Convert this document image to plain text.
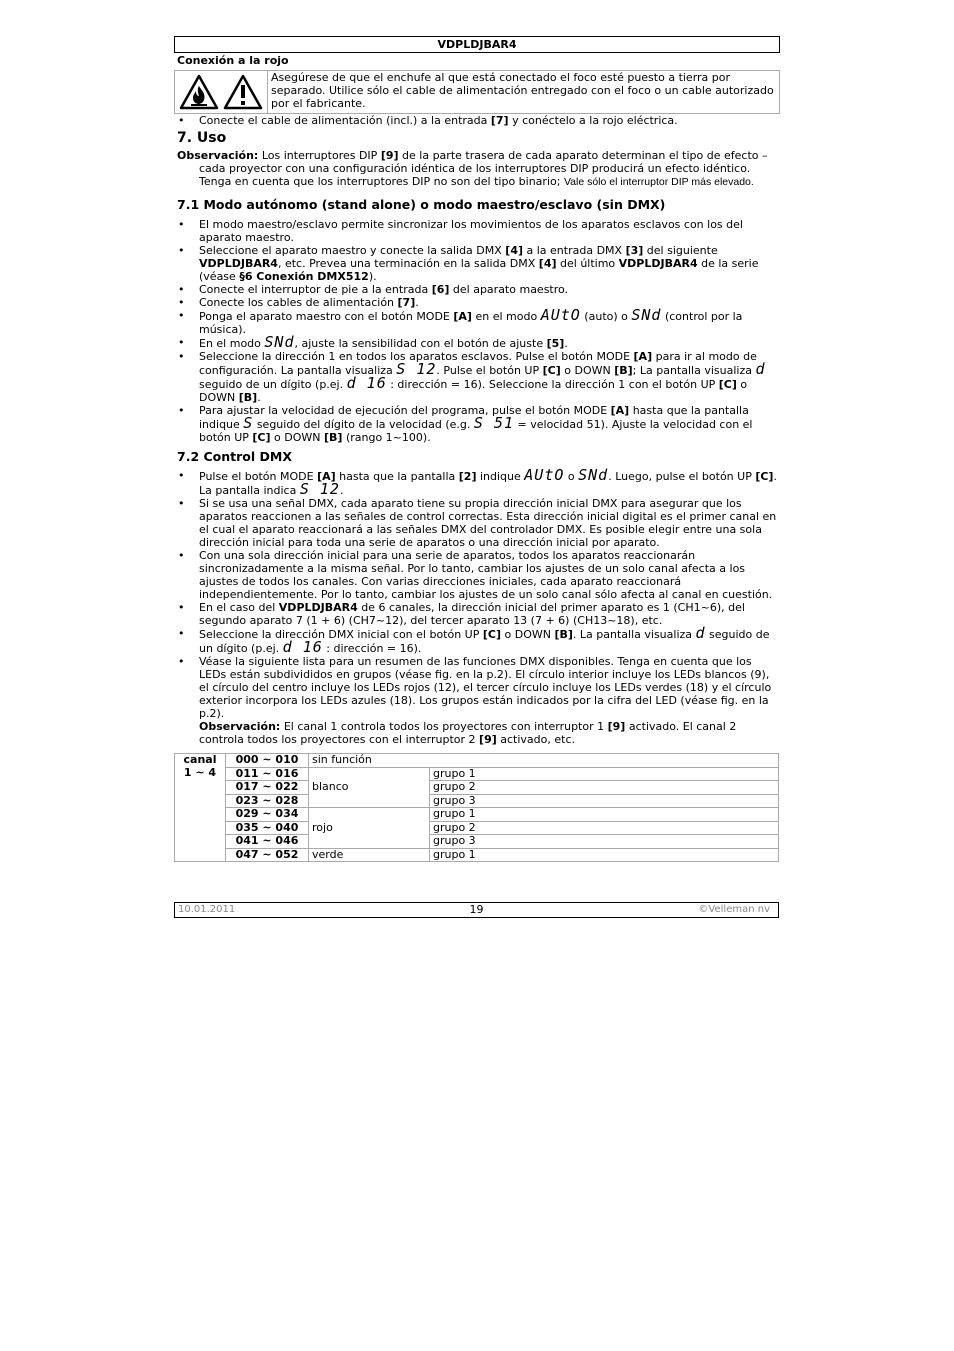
VDPLDJBAR4
Conexión a la rojo
Asegúrese de que el enchufe al que está conectado el foco esté puesto a tierra por separado. Utilice sólo el cable de alimentación entregado con el foco o un cable autorizado por el fabricante.
• Conecte el cable de alimentación (incl.) a la entrada [7] y conéctelo a la rojo eléctrica.
7. Uso

Observación: Los interruptores DIP [9] de la parte trasera de cada aparato determinan el tipo de efecto – cada proyector con una configuración idéntica de los interruptores DIP producirá un efecto idéntico. Tenga en cuenta que los interruptores DIP no son del tipo binario; Vale sólo el interruptor DIP más elevado.

7.1 Modo autónomo (stand alone) o modo maestro/esclavo (sin DMX)
• El modo maestro/esclavo permite sincronizar los movimientos de los aparatos esclavos con los del aparato maestro.
• Seleccione el aparato maestro y conecte la salida DMX [4] a la entrada DMX [3] del siguiente VDPLDJBAR4, etc. Prevea una terminación en la salida DMX [4] del último VDPLDJBAR4 de la serie (véase §6 Conexión DMX512).
• Conecte el interruptor de pie a la entrada [6] del aparato maestro.
• Conecte los cables de alimentación [7].
• Ponga el aparato maestro con el botón MODE [A] en el modo AUtO (auto) o SNd (control por la música).
• En el modo SNd, ajuste la sensibilidad con el botón de ajuste [5].
• Seleccione la dirección 1 en todos los aparatos esclavos. Pulse el botón MODE [A] para ir al modo de configuración. La pantalla visualiza S 12. Pulse el botón UP [C] o DOWN [B]; La pantalla visualiza d seguido de un dígito (p.ej. d 16 : dirección = 16). Seleccione la dirección 1 con el botón UP [C] o DOWN [B].
• Para ajustar la velocidad de ejecución del programa, pulse el botón MODE [A] hasta que la pantalla indique S seguido del dígito de la velocidad (e.g. S 51 = velocidad 51). Ajuste la velocidad con el botón UP [C] o DOWN [B] (rango 1~100).
7.2 Control DMX
• Pulse el botón MODE [A] hasta que la pantalla [2] indique AUtO o SNd. Luego, pulse el botón UP [C]. La pantalla indica S 12.
• Si se usa una señal DMX, cada aparato tiene su propia dirección inicial DMX para asegurar que los aparatos reaccionen a las señales de control correctas. Esta dirección inicial digital es el primer canal en el cual el aparato reaccionará a las señales DMX del controlador DMX. Es posible elegir entre una sola dirección inicial para toda una serie de aparatos o una dirección inicial por aparato.
• Con una sola dirección inicial para una serie de aparatos, todos los aparatos reaccionarán sincronizadamente a la misma señal. Por lo tanto, cambiar los ajustes de un solo canal afecta a los ajustes de todos los canales. Con varias direcciones iniciales, cada aparato reaccionará independientemente. Por lo tanto, cambiar los ajustes de un solo canal sólo afecta al canal en cuestión.
• En el caso del VDPLDJBAR4 de 6 canales, la dirección inicial del primer aparato es 1 (CH1~6), del segundo aparato 7 (1 + 6) (CH7~12), del tercer aparato 13 (7 + 6) (CH13~18), etc.
• Seleccione la dirección DMX inicial con el botón UP [C] o DOWN [B]. La pantalla visualiza d seguido de un dígito (p.ej. d 16 : dirección = 16).
• Véase la siguiente lista para un resumen de las funciones DMX disponibles. Tenga en cuenta que los LEDs están subdivididos en grupos (véase fig. en la p.2). El círculo interior incluye los LEDs blancos (9), el círculo del centro incluye los LEDs rojos (12), el tercer círculo incluye los LEDs verdes (18) y el círculo exterior incorpora los LEDs azules (18). Los grupos están indicados por la cifra del LED (véase fig. en la p.2).
Observación: El canal 1 controla todos los proyectores con interruptor 1 [9] activado. El canal 2 controla todos los proyectores con el interruptor 2 [9] activado, etc.
canal
1 ~ 4	000 ~ 010	sin función	
	011 ~ 016	blanco	grupo 1
	017 ~ 022		grupo 2
	023 ~ 028		grupo 3
	029 ~ 034	rojo	grupo 1
	035 ~ 040		grupo 2
	041 ~ 046		grupo 3
	047 ~ 052	verde	grupo 1
10.01.2011	19	©Velleman nv
